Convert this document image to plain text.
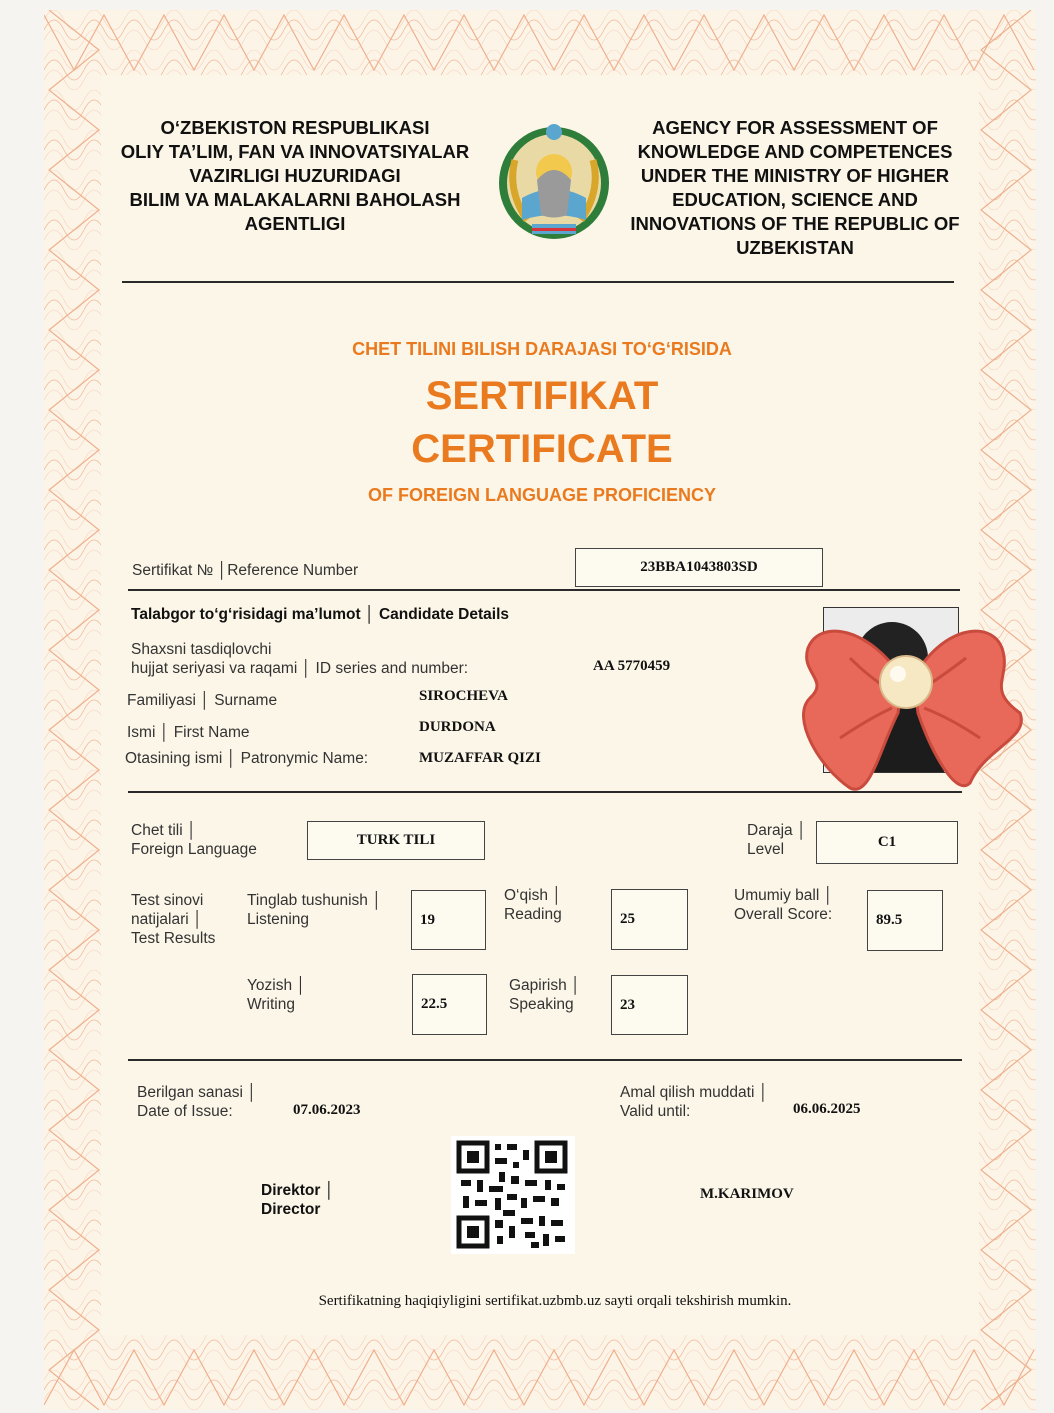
O‘ZBEKISTON RESPUBLIKASI
OLIY TA’LIM, FAN VA INNOVATSIYALAR
VAZIRLIGI HUZURIDAGI
BILIM VA MALAKALARNI BAHOLASH
AGENTLIGI
AGENCY FOR ASSESSMENT OF
KNOWLEDGE AND COMPETENCES
UNDER THE MINISTRY OF HIGHER
EDUCATION, SCIENCE AND
INNOVATIONS OF THE REPUBLIC OF
UZBEKISTAN
CHET TILINI BILISH DARAJASI TO‘G‘RISIDA
SERTIFIKAT
CERTIFICATE
OF FOREIGN LANGUAGE PROFICIENCY
Sertifikat № │Reference Number	23BBA1043803SD
Talabgor to‘g‘risidagi ma’lumot │ Candidate Details
Shaxsni tasdiqlovchi
hujjat seriyasi va raqami │ ID series and number:	AA 5770459
Familiyasi │ Surname	SIROCHEVA
Ismi │ First Name	DURDONA
Otasining ismi │ Patronymic Name:	MUZAFFAR QIZI
Chet tili │
Foreign Language
TURK TILI
Daraja │
Level	C1
Test sinovi
natijalari │
Test Results
Tinglab tushunish │
Listening	19
O‘qish │
Reading	25
Umumiy ball │
Overall Score:	89.5
Yozish │
Writing	22.5
Gapirish │
Speaking	23
Berilgan sanasi │
Date of Issue:	07.06.2023
Amal qilish muddati │
Valid until:	06.06.2025
Direktor │
Director
M.KARIMOV
Sertifikatning haqiqiyligini sertifikat.uzbmb.uz sayti orqali tekshirish mumkin.
